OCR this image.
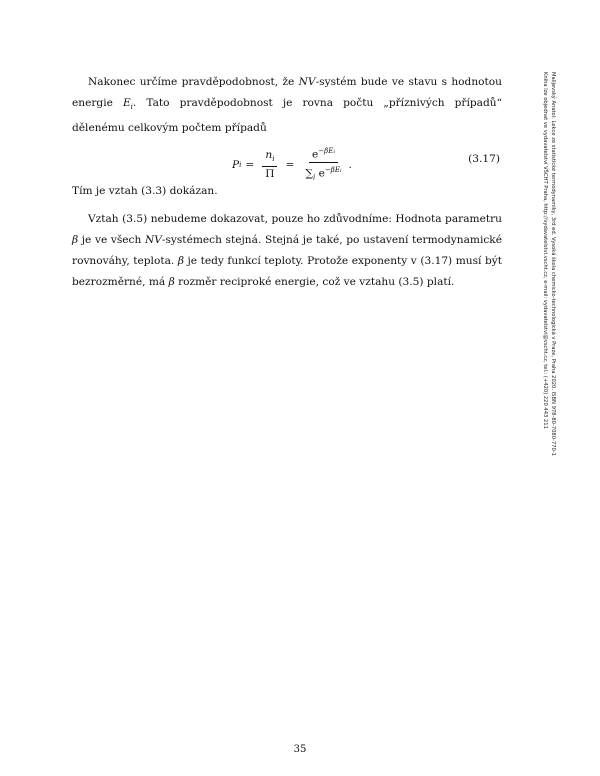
Nakonec určíme pravděpodobnost, že NV-systém bude ve stavu s hodnotou energie $E_i$. Tato pravděpodobnost je rovna počtu „příznivých případů“ dělenému celkovým počtem případů

P $i = \frac{n_i}{\Pi} = \frac{e^{-\beta Ei}}{\sum_i e^{-\beta Ei}}$ .	(3.17)

Tím je vztah (3.3) dokázan.

Vztah (3.5) nebudeme dokazovat, pouze ho zdůvodníme: Hodnota parametru β je ve všech NV-systémech stejná. Stejná je také, po ustavení termodynamické rovnováhy, teplota. β je tedy funkcí teploty. Protože exponenty v (3.17) musí být bezrozměrné, má β rozměr reciproké energie, což ve vztahu (3.5) platí.	Malijevský Anatol: Lekce ze statistické termodynamiky, 3rd ed. Vysoká škola chemicko-technologická v Praze, Praha 2020. ISBN 978-80-7080-770-1
Kniha lze objednat ve vydavatelství VŠCHT Praha, http://vydavatelstvi.vscht.cz, e-mail: vydavatelstvi@vscht.cz, tel.: (+420) 220 443 211
35
